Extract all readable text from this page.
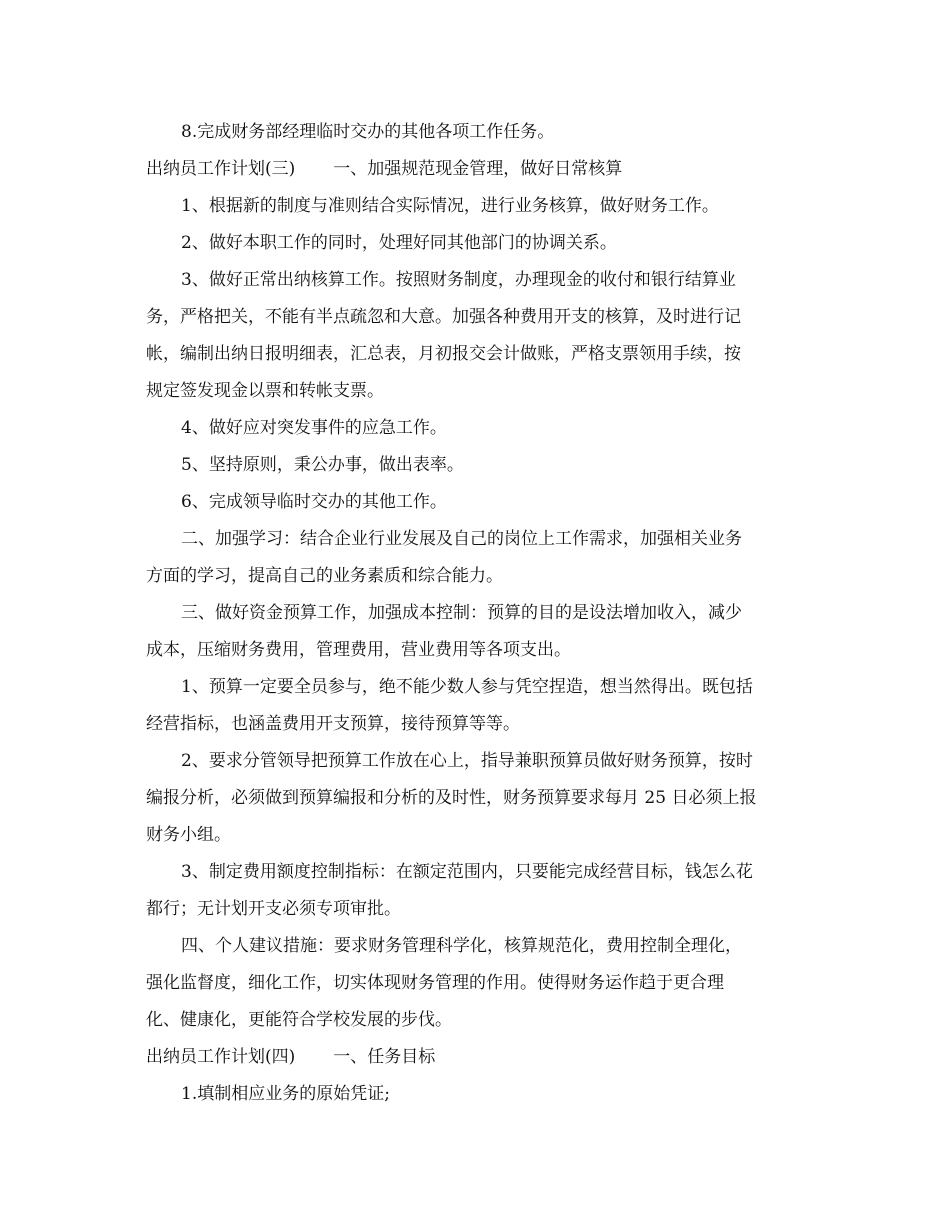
8.完成财务部经理临时交办的其他各项工作任务。

出纳员工作计划(三) 一、加强规范现金管理，做好日常核算

1、根据新的制度与准则结合实际情况，进行业务核算，做好财务工作。

2、做好本职工作的同时，处理好同其他部门的协调关系。

3、做好正常出纳核算工作。按照财务制度，办理现金的收付和银行结算业

务，严格把关，不能有半点疏忽和大意。加强各种费用开支的核算，及时进行记

帐，编制出纳日报明细表，汇总表，月初报交会计做账，严格支票领用手续，按

规定签发现金以票和转帐支票。

4、做好应对突发事件的应急工作。

5、坚持原则，秉公办事，做出表率。

6、完成领导临时交办的其他工作。

二、加强学习：结合企业行业发展及自己的岗位上工作需求，加强相关业务

方面的学习，提高自己的业务素质和综合能力。

三、做好资金预算工作，加强成本控制：预算的目的是设法增加收入，减少

成本，压缩财务费用，管理费用，营业费用等各项支出。

1、预算一定要全员参与，绝不能少数人参与凭空捏造，想当然得出。既包括

经营指标，也涵盖费用开支预算，接待预算等等。

2、要求分管领导把预算工作放在心上，指导兼职预算员做好财务预算，按时

编报分析，必须做到预算编报和分析的及时性，财务预算要求每月 25 日必须上报

财务小组。

3、制定费用额度控制指标：在额定范围内，只要能完成经营目标，钱怎么花

都行；无计划开支必须专项审批。

四、个人建议措施：要求财务管理科学化，核算规范化，费用控制全理化，

强化监督度，细化工作，切实体现财务管理的作用。使得财务运作趋于更合理

化、健康化，更能符合学校发展的步伐。

出纳员工作计划(四) 一、任务目标

1.填制相应业务的原始凭证;
